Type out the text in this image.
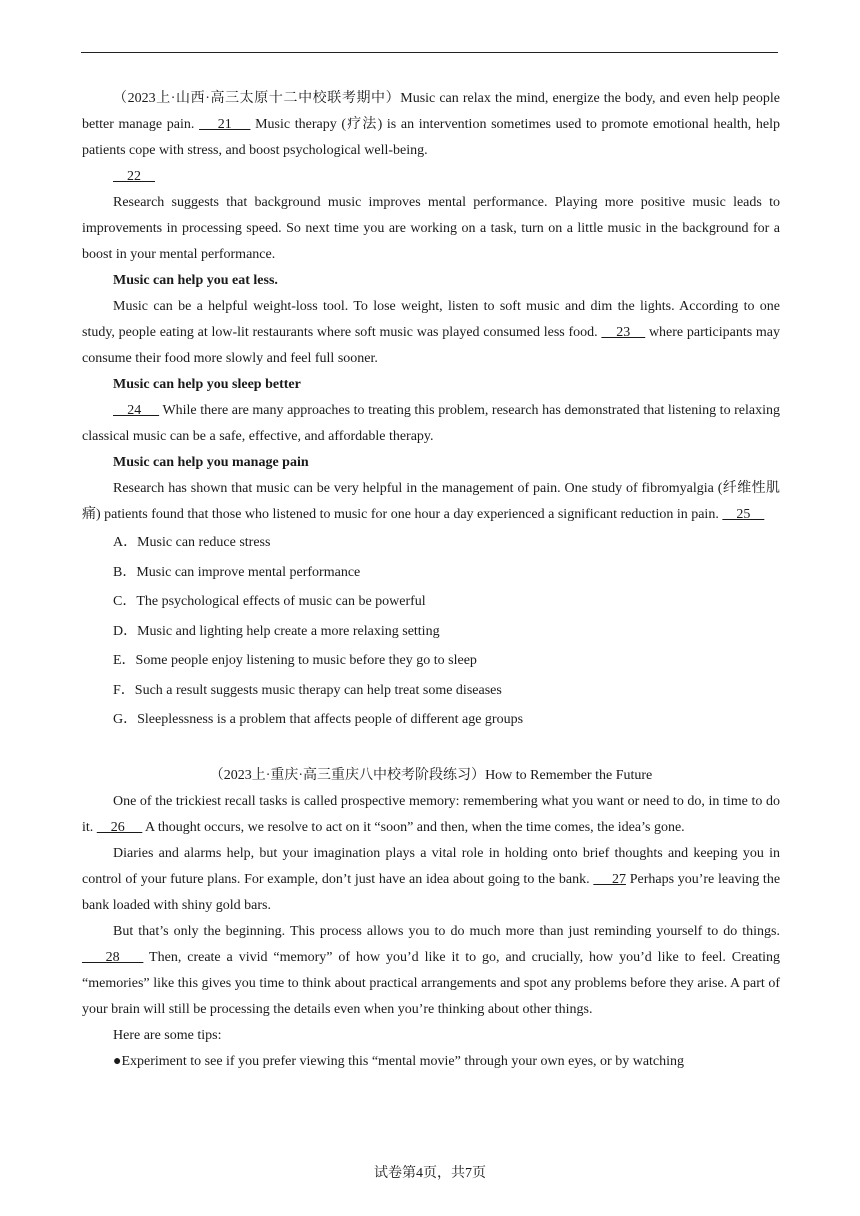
（2023上·山西·高三太原十二中校联考期中）Music can relax the mind, energize the body, and even help people better manage pain.     21     Music therapy (疗法) is an intervention sometimes used to promote emotional health, help patients cope with stress, and boost psychological well-being.

22

Research suggests that background music improves mental performance. Playing more positive music leads to improvements in processing speed. So next time you are working on a task, turn on a little music in the background for a boost in your mental performance.

Music can help you eat less.

Music can be a helpful weight-loss tool. To lose weight, listen to soft music and dim the lights. According to one study, people eating at low-lit restaurants where soft music was played consumed less food.     23     where participants may consume their food more slowly and feel full sooner.

Music can help you sleep better

24      While there are many approaches to treating this problem, research has demonstrated that listening to relaxing classical music can be a safe, effective, and affordable therapy.

Music can help you manage pain

Research has shown that music can be very helpful in the management of pain. One study of fibromyalgia (纤维性肌痛) patients found that those who listened to music for one hour a day experienced a significant reduction in pain.     25

A．Music can reduce stress
B．Music can improve mental performance
C．The psychological effects of music can be powerful
D．Music and lighting help create a more relaxing setting
E．Some people enjoy listening to music before they go to sleep
F．Such a result suggests music therapy can help treat some diseases
G．Sleeplessness is a problem that affects people of different age groups

（2023上·重庆·高三重庆八中校考阶段练习）How to Remember the Future

One of the trickiest recall tasks is called prospective memory: remembering what you want or need to do, in time to do it.     26      A thought occurs, we resolve to act on it “soon” and then, when the time comes, the idea’s gone.

Diaries and alarms help, but your imagination plays a vital role in holding onto brief thoughts and keeping you in control of your future plans. For example, don’t just have an idea about going to the bank.      27 Perhaps you’re leaving the bank loaded with shiny gold bars.

But that’s only the beginning. This process allows you to do much more than just reminding yourself to do things.     28     Then, create a vivid “memory” of how you’d like it to go, and crucially, how you’d like to feel. Creating “memories” like this gives you time to think about practical arrangements and spot any problems before they arise. A part of your brain will still be processing the details even when you’re thinking about other things.

Here are some tips:

●Experiment to see if you prefer viewing this “mental movie” through your own eyes, or by watching

试卷第4页，共7页
